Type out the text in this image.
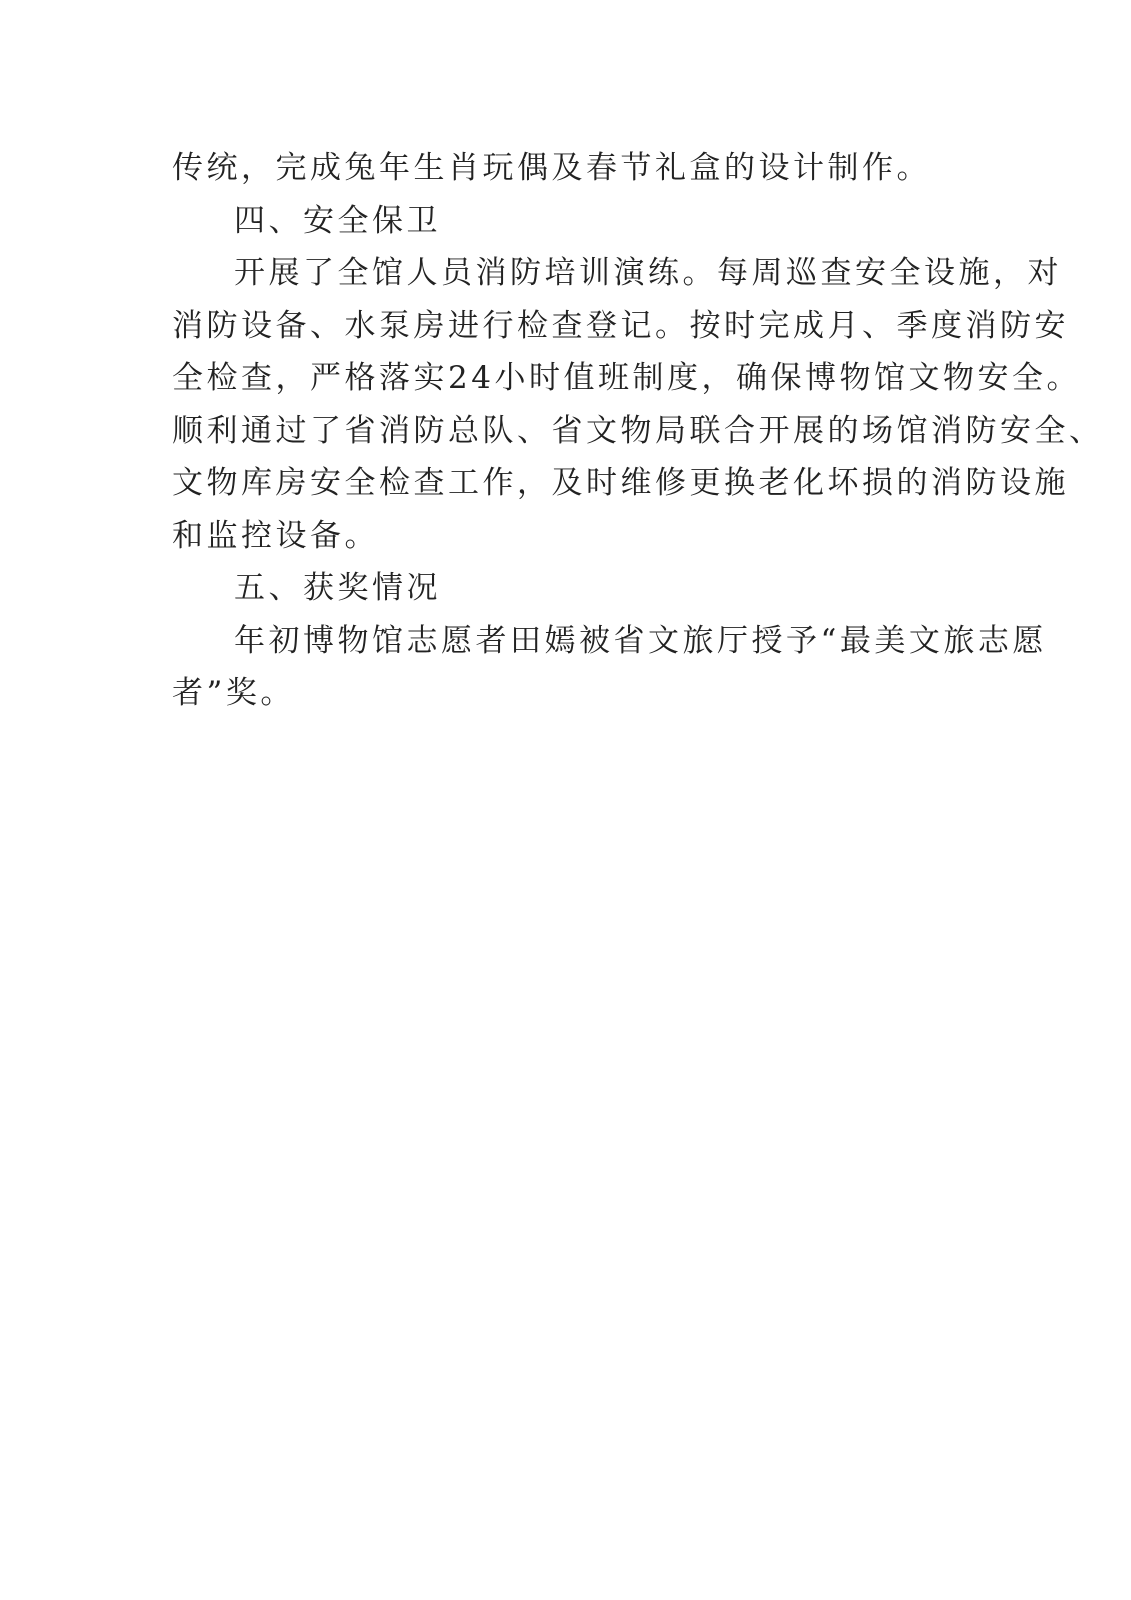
传统，完成兔年生肖玩偶及春节礼盒的设计制作。
四、安全保卫
开展了全馆人员消防培训演练。每周巡查安全设施，对
消防设备、水泵房进行检查登记。按时完成月、季度消防安
全检查，严格落实24小时值班制度，确保博物馆文物安全。
顺利通过了省消防总队、省文物局联合开展的场馆消防安全、
文物库房安全检查工作，及时维修更换老化坏损的消防设施
和监控设备。
五、获奖情况
年初博物馆志愿者田嫣被省文旅厅授予“最美文旅志愿
者”奖。
